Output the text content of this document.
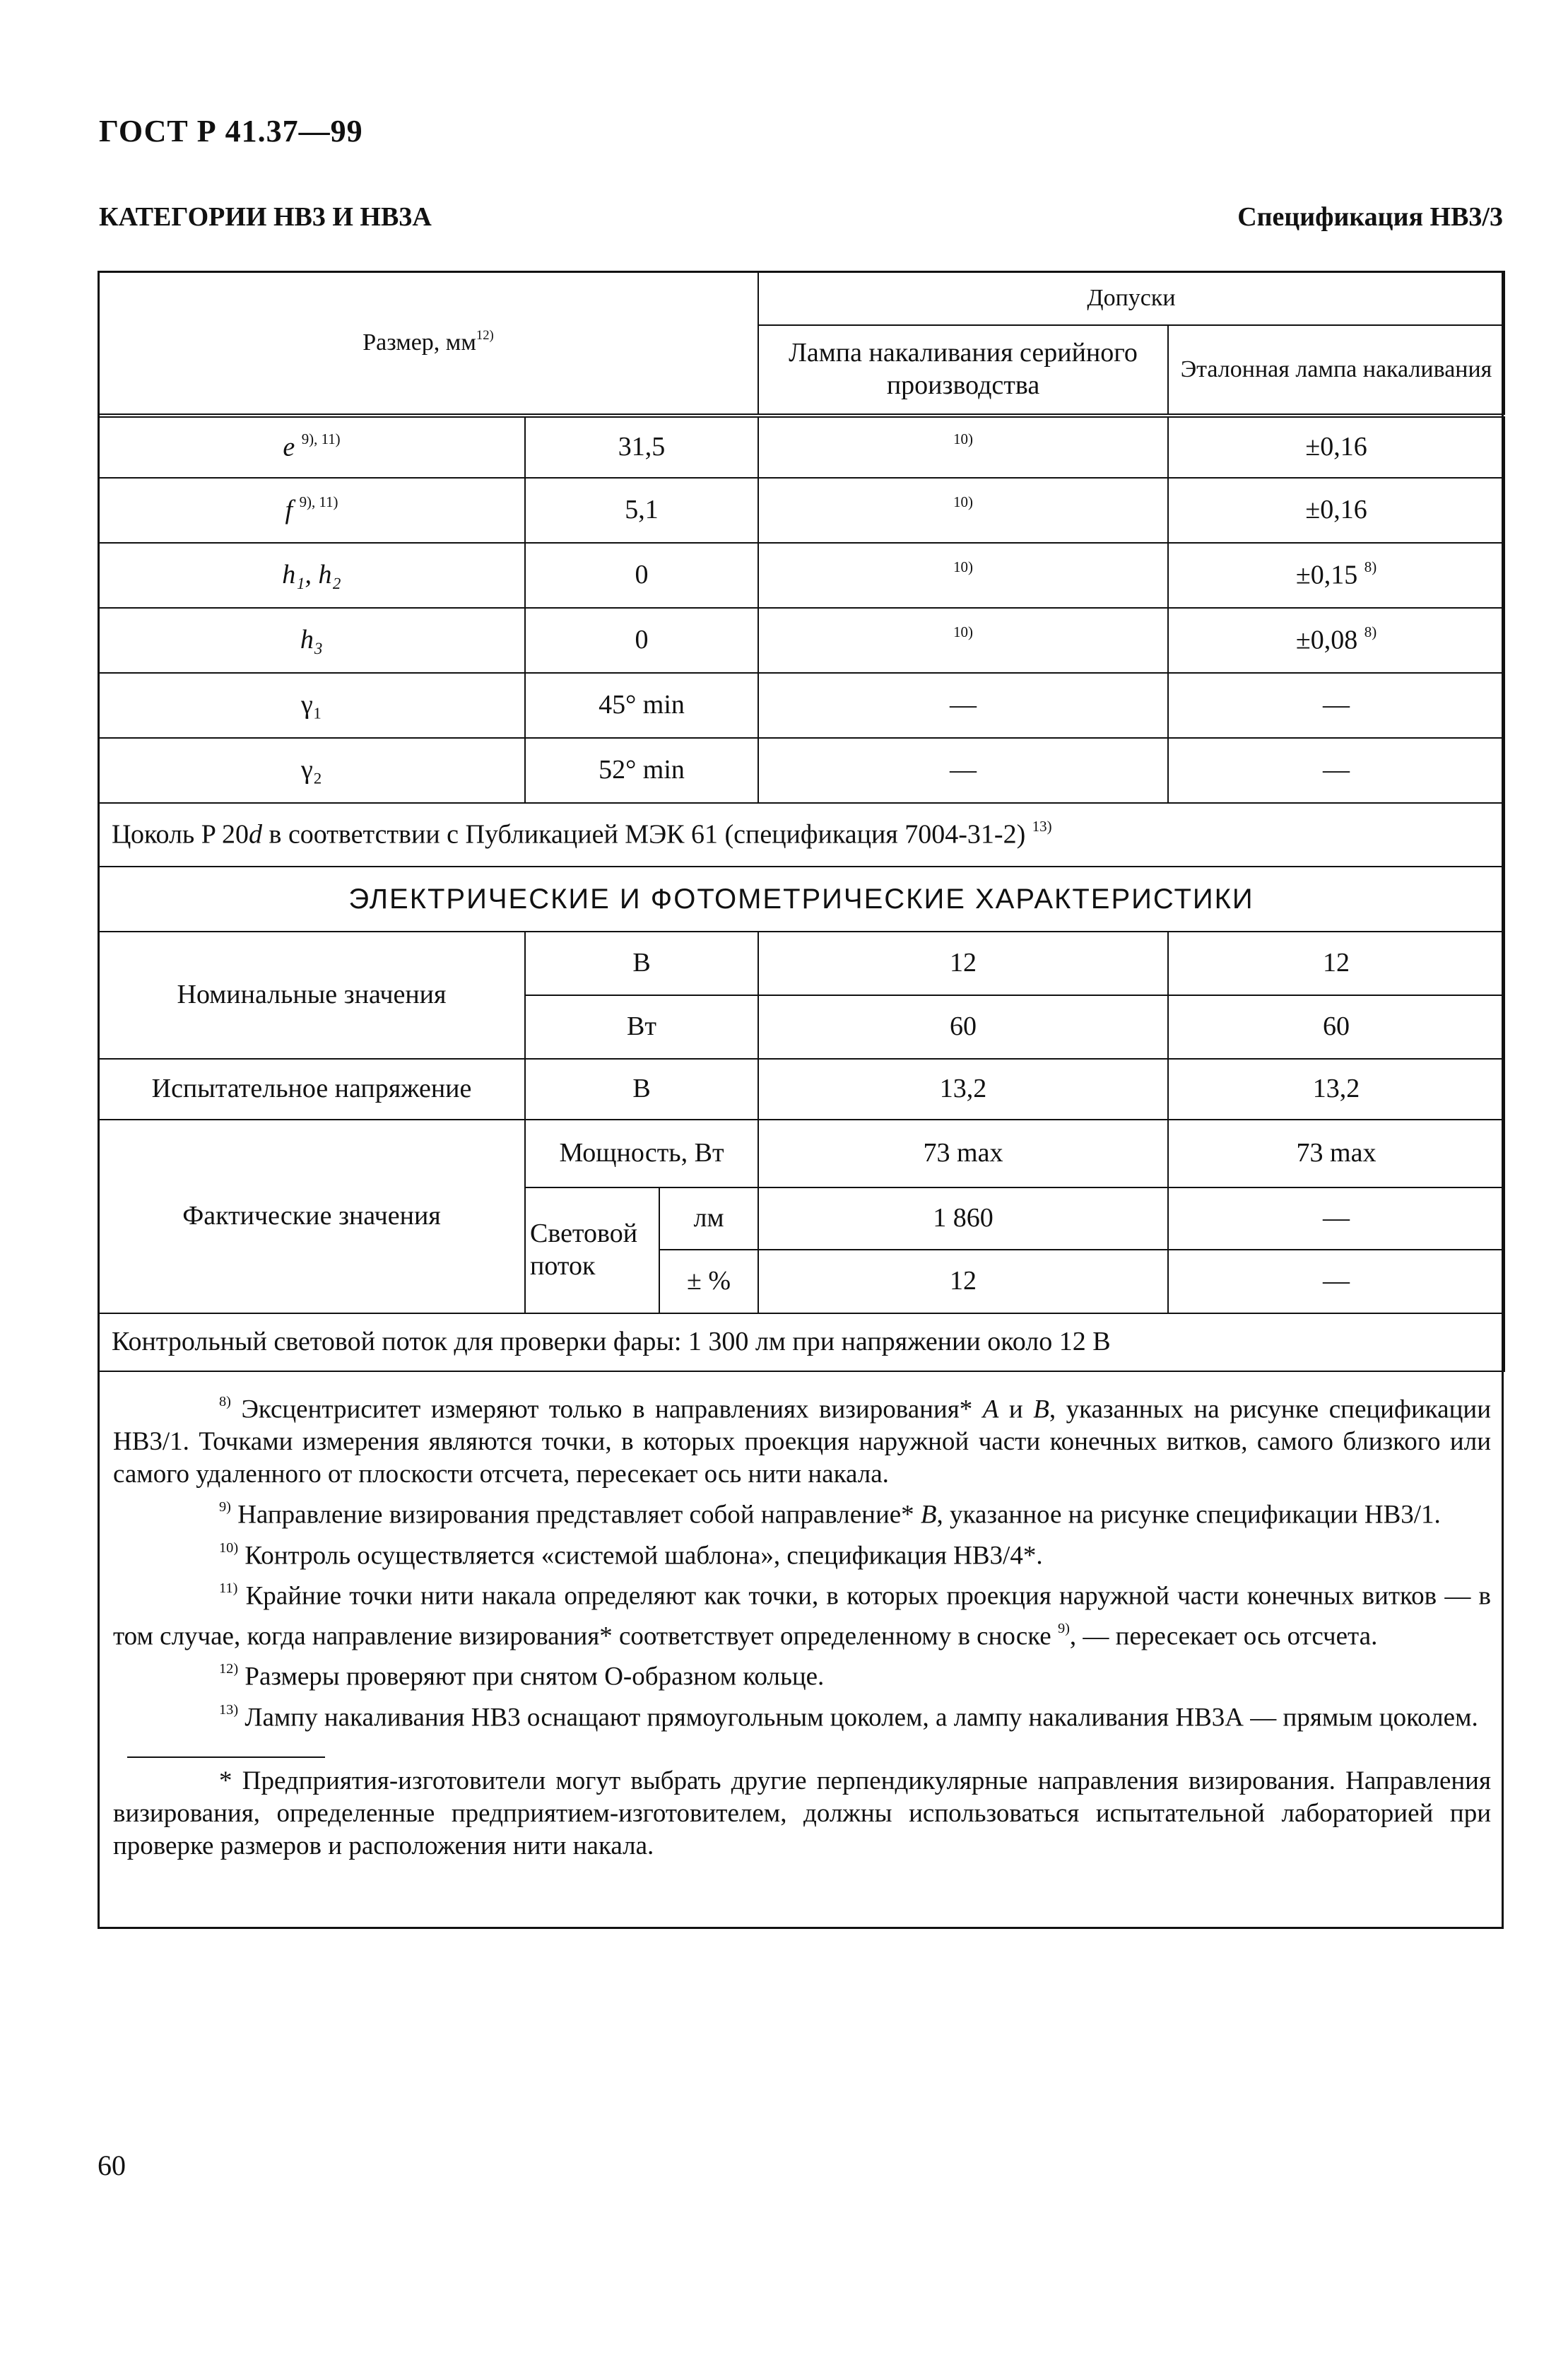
ГОСТ Р 41.37—99
КАТЕГОРИИ НВ3 И НВ3А	Спецификация НВ3/3
Размер, $мм^{12)}$			Допуски	
			Лампа накаливания серийного производства	Эталонная лампа накаливания
e $^{9), 11)}$	31,5		$^{10)}$	±0,16
f $^{9), 11)}$	5,1		$^{10)}$	±0,16
h₁, h₂	0		$^{10)}$	±0,15 $^{8)}$
h₃	0		$^{10)}$	±0,08 $^{8)}$
γ₁	45° min		—	—
γ₂	52° min		—	—
Цоколь P 20d в соответствии с Публикацией МЭК 61 (спецификация 7004-31-2) $^{13)}$
ЭЛЕКТРИЧЕСКИЕ И ФОТОМЕТРИЧЕСКИЕ ХАРАКТЕРИСТИКИ				
Номинальные значения	В		12	12
	Вт		60	60
Испытательное напряжение	В		13,2	13,2
Фактические значения	Мощность, Вт		73 max	73 max
	Световой поток	лм	1 860	—
		± %	12	—
Контрольный световой поток для проверки фары: 1 300 лм при напряжении около 12 В				

$^{8)}$ Эксцентриситет измеряют только в направлениях визирования* A и B, указанных на рисунке спецификации НВ3/1. Точками измерения являются точки, в которых проекция наружной части конечных витков, самого близкого или самого удаленного от плоскости отсчета, пересекает ось нити накала.

$^{9)}$ Направление визирования представляет собой направление* B, указанное на рисунке спецификации НВ3/1.

$^{10)}$ Контроль осуществляется «системой шаблона», спецификация НВ3/4*.

$^{11)}$ Крайние точки нити накала определяют как точки, в которых проекция наружной части конечных витков — в том случае, когда направление визирования* соответствует определенному в сноске $^{9)}$, — пересекает ось отсчета.

$^{12)}$ Размеры проверяют при снятом О-образном кольце.

$^{13)}$ Лампу накаливания НВ3 оснащают прямоугольным цоколем, а лампу накаливания НВ3А — прямым цоколем.

* Предприятия-изготовители могут выбрать другие перпендикулярные направления визирования. Направления визирования, определенные предприятием-изготовителем, должны использоваться испытательной лабораторией при проверке размеров и расположения нити накала.

60
